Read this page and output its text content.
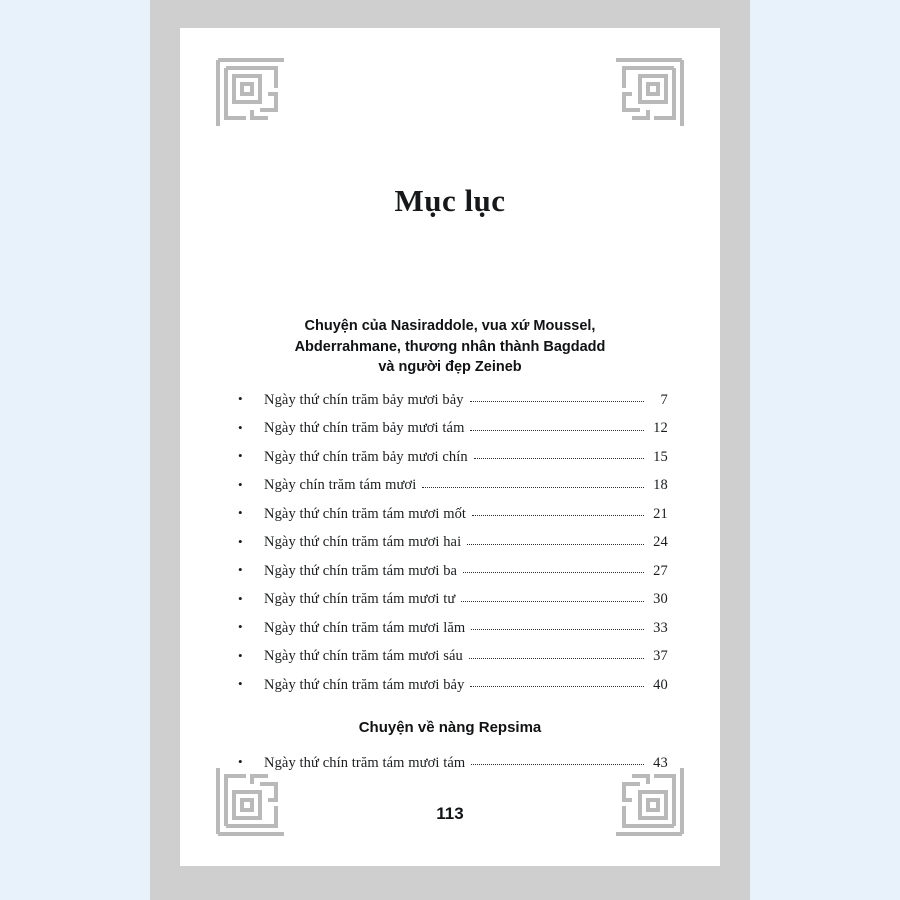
Mục lục
Chuyện của Nasiraddole, vua xứ Moussel,
Abderrahmane, thương nhân thành Bagdadd
và người đẹp Zeineb
•	Ngày thứ chín trăm bảy mươi bảy	7
•	Ngày thứ chín trăm bảy mươi tám	12
•	Ngày thứ chín trăm bảy mươi chín	15
•	Ngày chín trăm tám mươi	18
•	Ngày thứ chín trăm tám mươi mốt	21
•	Ngày thứ chín trăm tám mươi hai	24
•	Ngày thứ chín trăm tám mươi ba	27
•	Ngày thứ chín trăm tám mươi tư	30
•	Ngày thứ chín trăm tám mươi lăm	33
•	Ngày thứ chín trăm tám mươi sáu	37
•	Ngày thứ chín trăm tám mươi bảy	40
Chuyện về nàng Repsima
•	Ngày thứ chín trăm tám mươi tám	43
113
